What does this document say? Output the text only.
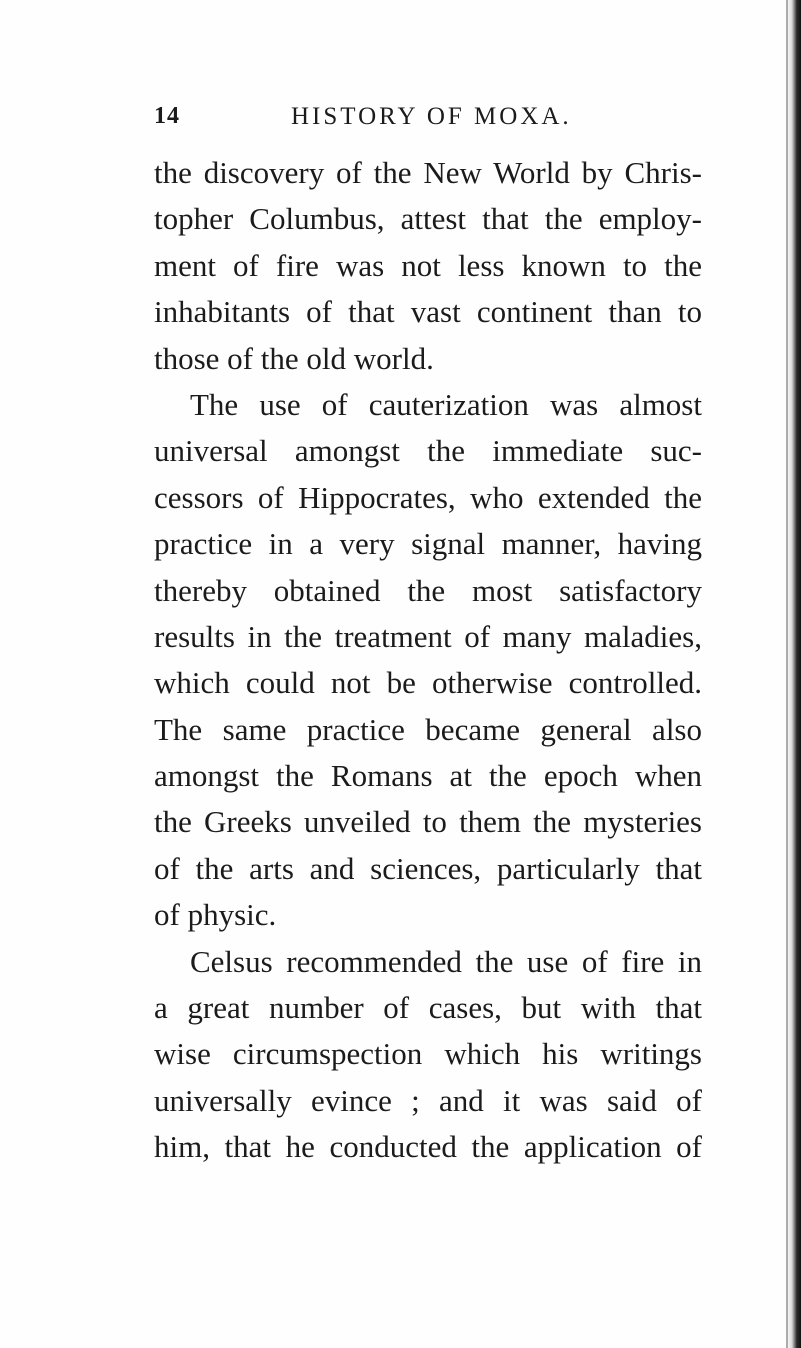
14	HISTORY OF MOXA.
the discovery of the New World by Chris-
topher Columbus, attest that the employ-
ment of fire was not less known to the
inhabitants of that vast continent than to
those of the old world.
The use of cauterization was almost
universal amongst the immediate suc-
cessors of Hippocrates, who extended the
practice in a very signal manner, having
thereby obtained the most satisfactory
results in the treatment of many maladies,
which could not be otherwise controlled.
The same practice became general also
amongst the Romans at the epoch when
the Greeks unveiled to them the mysteries
of the arts and sciences, particularly that
of physic.
Celsus recommended the use of fire in
a great number of cases, but with that
wise circumspection which his writings
universally evince ; and it was said of
him, that he conducted the application of
